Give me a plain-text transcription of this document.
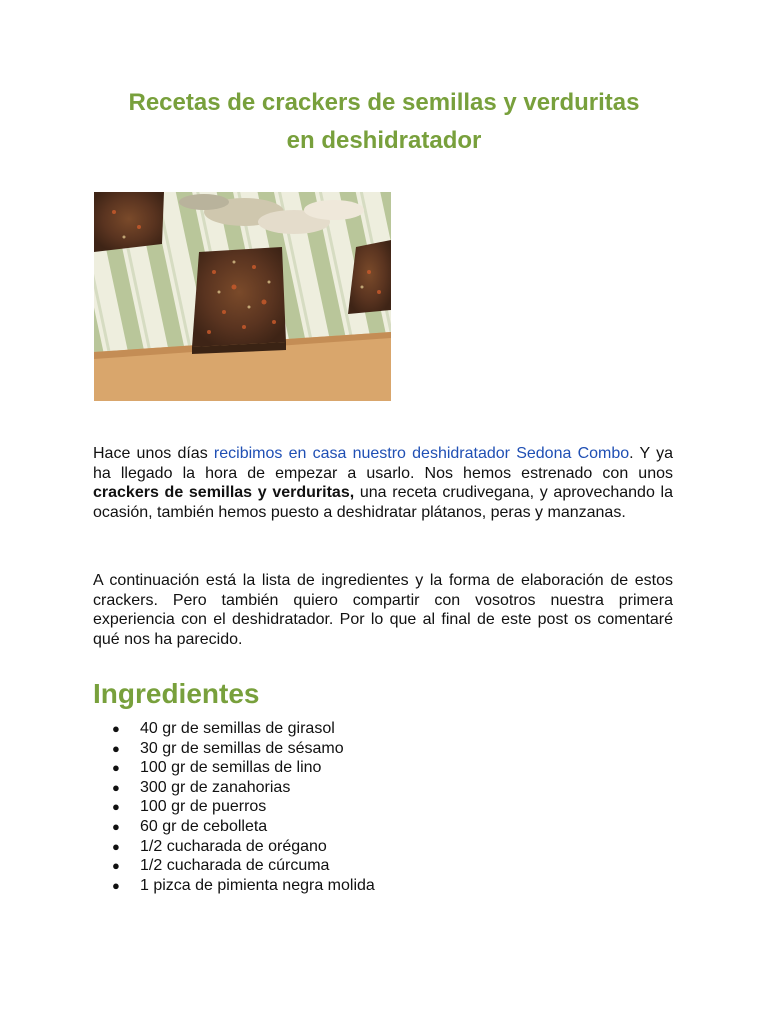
Recetas de crackers de semillas y verduritas
en deshidratador

Hace unos días recibimos en casa nuestro deshidratador Sedona Combo. Y ya ha llegado la hora de empezar a usarlo. Nos hemos estrenado con unos crackers de semillas y verduritas, una receta crudivegana, y aprovechando la ocasión, también hemos puesto a deshidratar plátanos, peras y manzanas.

A continuación está la lista de ingredientes y la forma de elaboración de estos crackers. Pero también quiero compartir con vosotros nuestra primera experiencia con el deshidratador. Por lo que al final de este post os comentaré qué nos ha parecido.

Ingredientes
● 40 gr de semillas de girasol
● 30 gr de semillas de sésamo
● 100 gr de semillas de lino
● 300 gr de zanahorias
● 100 gr de puerros
● 60 gr de cebolleta
● 1/2 cucharada de orégano
● 1/2 cucharada de cúrcuma
● 1 pizca de pimienta negra molida
